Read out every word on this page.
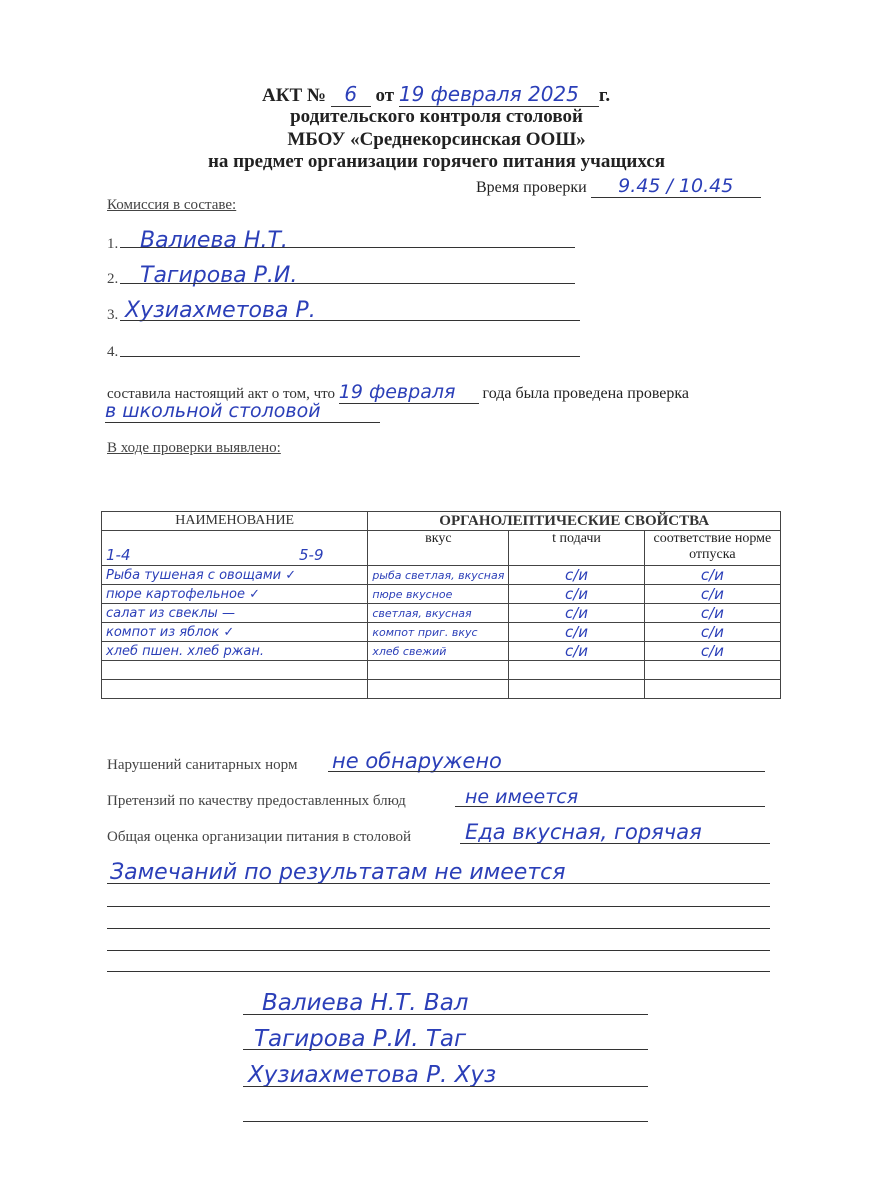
АКТ № 6 от 19 февраля 2025 г.
родительского контроля столовой
МБОУ «Среднекорсинская ООШ»
на предмет организации горячего питания учащихся
Время проверки 9.45 / 10.45
Комиссия в составе:
1. Валиева Н.Т.
2. Тагирова Р.И.
3. Хузиахметова Р.
4.
составила настоящий акт о том, что 19 февраля года была проведена проверка
в школьной столовой
В ходе проверки выявлено:
НАИМЕНОВАНИЕ	ОРГАНОЛЕПТИЧЕСКИЕ СВОЙСТВА		
1-4 5-9	вкус	t подачи	соответствие норме отпуска
Рыба тушеная с овощами ✓	рыба светлая, вкусная	с/и	с/и
пюре картофельное ✓	пюре вкусное	с/и	с/и
салат из свеклы —	светлая, вкусная	с/и	с/и
компот из яблок ✓	компот приг. вкус	с/и	с/и
хлеб пшен. хлеб ржан.	хлеб свежий	с/и	с/и

Нарушений санитарных норм не обнаружено
Претензий по качеству предоставленных блюд	не имеется
Общая оценка организации питания в столовой	Еда вкусная, горячая
Замечаний по результатам не имеется
Валиева Н.Т. Вал
Тагирова Р.И. Таг
Хузиахметова Р. Хуз
